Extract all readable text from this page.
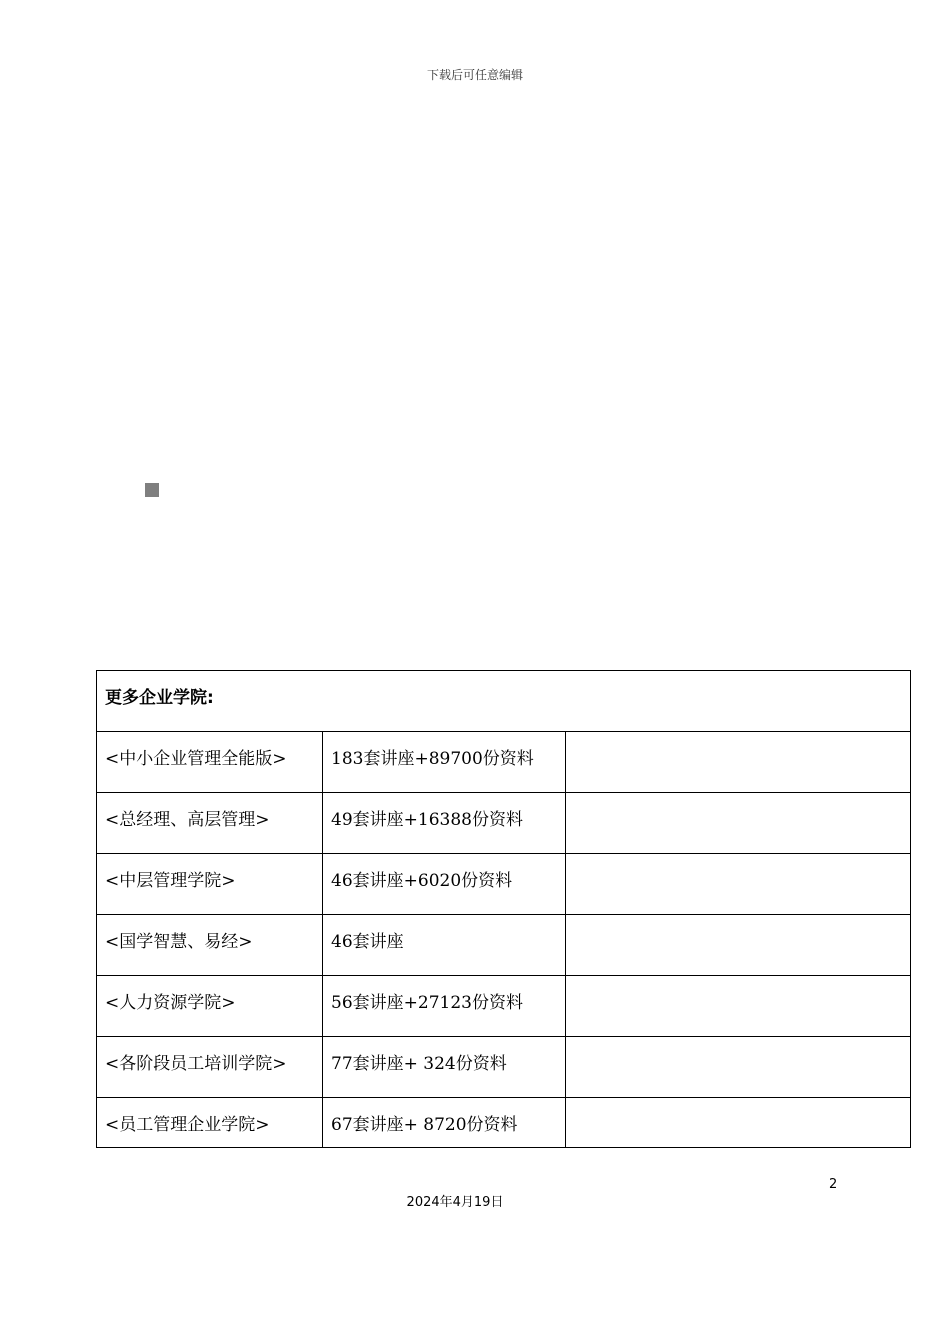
下载后可任意编辑
更多企业学院:		
<中小企业管理全能版>	183套讲座+89700份资料	
<总经理、高层管理>	49套讲座+16388份资料	
<中层管理学院>	46套讲座+6020份资料	
<国学智慧、易经>	46套讲座	
<人力资源学院>	56套讲座+27123份资料	
<各阶段员工培训学院>	77套讲座+ 324份资料	
<员工管理企业学院>	67套讲座+ 8720份资料	
2
2024年4月19日
